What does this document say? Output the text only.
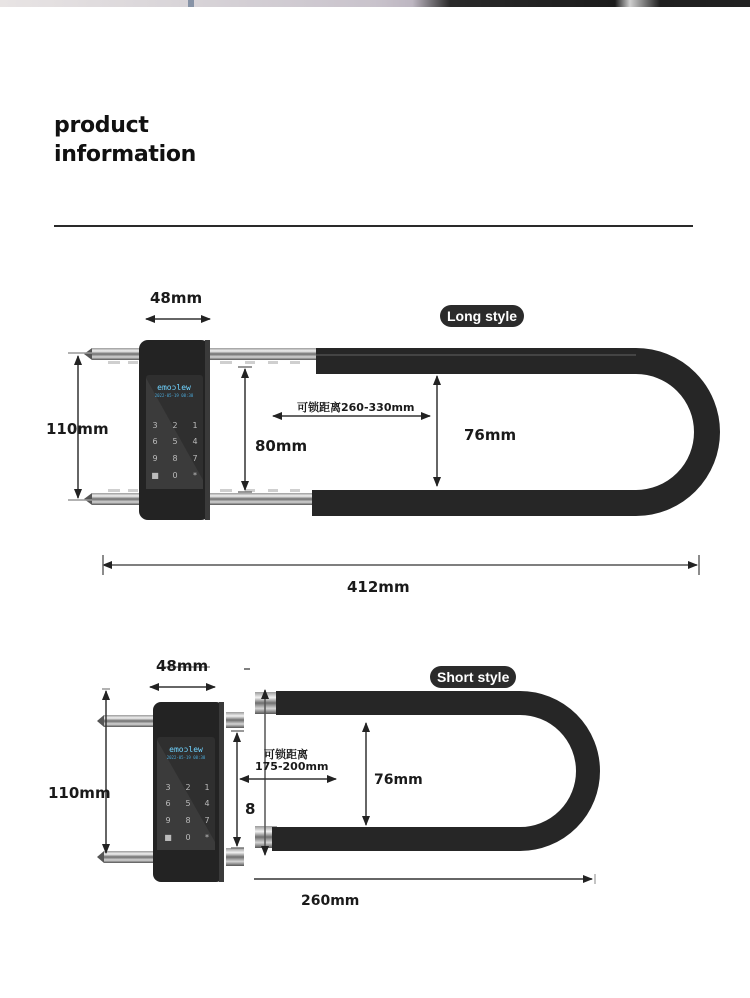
product
information
emoɔlew
2022-05-19 08:38
3 2 1
6 5 4
9 8 7
■ 0 *
48mm
Long style
110mm
80mm
可锁距离260-330mm
76mm
412mm
emoɔlew
2022-05-19 08:38
3 2 1
6 5 4
9 8 7
■ 0 *
48mm
Short style
110mm
8
可锁距离
175-200mm
76mm
260mm
